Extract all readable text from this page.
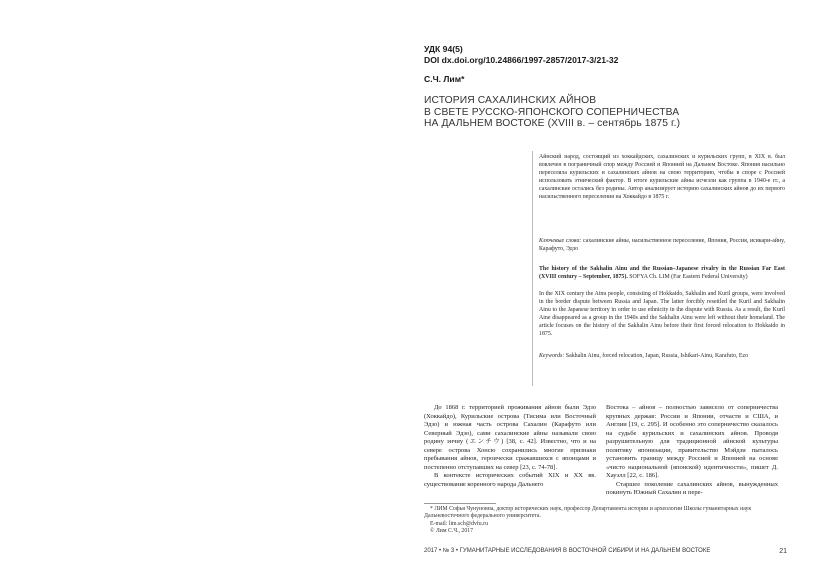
УДК 94(5)
DOI dx.doi.org/10.24866/1997-2857/2017-3/21-32
С.Ч. Лим*
ИСТОРИЯ САХАЛИНСКИХ АЙНОВ
В СВЕТЕ РУССКО-ЯПОНСКОГО СОПЕРНИЧЕСТВА
НА ДАЛЬНЕМ ВОСТОКЕ (XVIII в. – сентябрь 1875 г.)
Айнский народ, состоящий из хоккайдских, сахалинских и курильских групп, в XIX в. был вовлечен в пограничный спор между Россией и Японией на Дальнем Востоке. Япония насильно переселяла курильских и сахалинских айнов на свою территорию, чтобы в споре с Россией использовать этнический фактор. В итоге курильские айны исчезли как группа в 1940-е гг., а сахалинские остались без родины. Автор анализирует историю сахалинских айнов до их первого насильственного переселения на Хоккайдо в 1875 г.
Ключевые слова: сахалинские айны, насильственное переселение, Япония, Россия, исикари-айну, Карафуто, Эдзо
The history of the Sakhalin Ainu and the Russian–Japanese rivalry in the Russian Far East (XVIII century – September, 1875). SOFYA Ch. LIM (Far Eastern Federal University)
In the XIX century the Ainu people, consisting of Hokkaido, Sakhalin and Kuril groups, were involved in the border dispute between Russia and Japan. The latter forcibly resettled the Kuril and Sakhalin Ainu to the Japanese territory in order to use ethnicity in the dispute with Russia. As a result, the Kuril Aine disappeared as a group in the 1940s and the Sakhalin Ainu were left without their homeland. The article focuses on the history of the Sakhalin Ainu before their first forced relocation to Hokkaido in 1875.
Keywords: Sakhalin Ainu, forced relocation, Japan, Russia, Ishikari-Ainu, Karafuto, Ezo

До 1868 г. территорией проживания айнов были Эдзо (Хоккайдо), Курильские острова (Тисима или Восточный Эдзо) и южная часть острова Сахалин (Карафуто или Северный Эдзо), сами сахалинские айны называли свою родину энчиу (エンチウ) [38, с. 42]. Известно, что и на севере острова Хонсю сохранились многие признаки пребывания айнов, героически сражавшихся с японцами и постепенно отступавших на север [23, с. 74-78].

В контексте исторических событий XIX и XX вв. существование коренного народа Дальнего

Востока – айнов – полностью зависело от соперничества крупных держав: России и Японии, отчасти и США, и Англии [19, с. 295]. И особенно это соперничество сказалось на судьбе курильских и сахалинских айнов. Проводя разрушительную для традиционной айнской культуры политику японизации, правительство Мэйдзи пыталось установить границу между Россией и Японией на основе «чисто национальной (японской) идентичности», пишет Д. Хауэлл [22, с. 186].

Старшее поколение сахалинских айнов, вынужденных покинуть Южный Сахалин и пере-

* ЛИМ Софья Чунуновна, доктор исторических наук, профессор Департамента истории и археологии Школы гуманитарных наук Дальневосточного федерального университета.
E-mail: lim.sch@dvfu.ru
© Лим С.Ч., 2017
2017 • № 3 • ГУМАНИТАРНЫЕ ИССЛЕДОВАНИЯ В ВОСТОЧНОЙ СИБИРИ И НА ДАЛЬНЕМ ВОСТОКЕ	21
